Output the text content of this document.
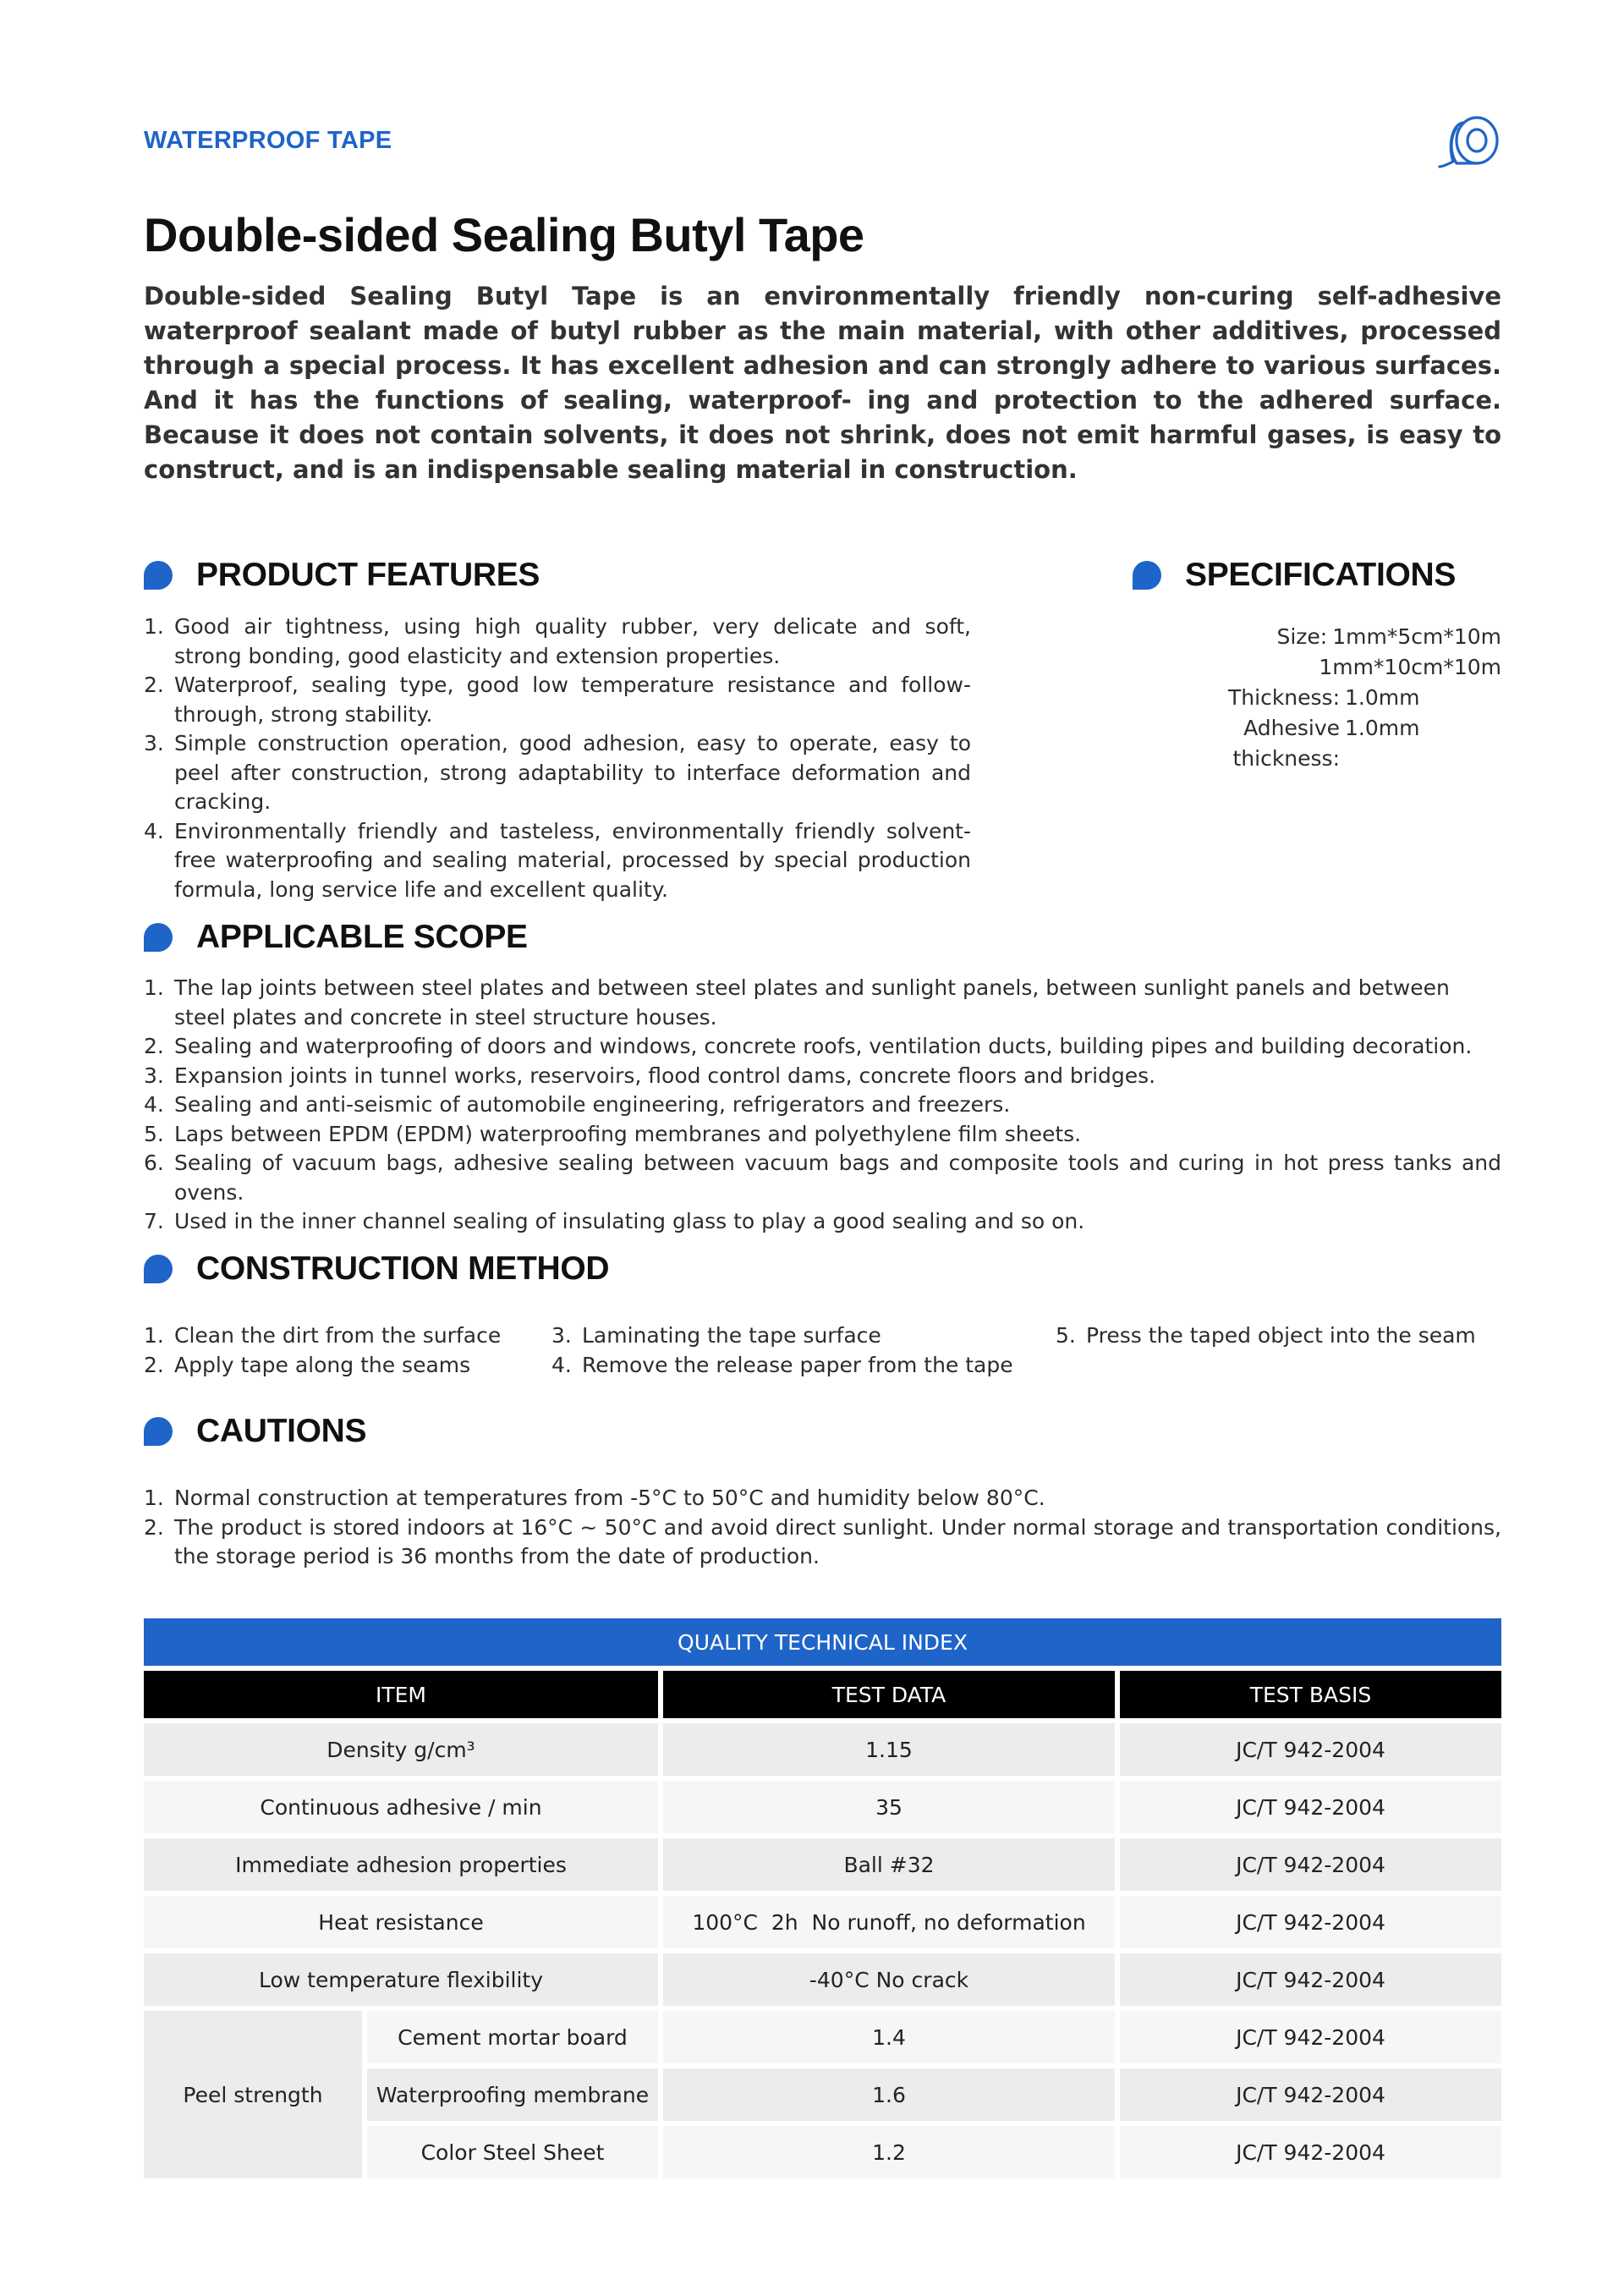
WATERPROOF TAPE
Double-sided Sealing Butyl Tape

Double-sided Sealing Butyl Tape is an environmentally friendly non-curing self-adhesive waterproof sealant made of butyl rubber as the main material, with other additives, processed through a special process. It has excellent adhesion and can strongly adhere to various surfaces. And it has the functions of sealing, waterproof- ing and protection to the adhered surface. Because it does not contain solvents, it does not shrink, does not emit harmful gases, is easy to construct, and is an indispensable sealing material in construction.

PRODUCT FEATURES
1. Good air tightness, using high quality rubber, very delicate and soft, strong bonding, good elasticity and extension properties.
2. Waterproof, sealing type, good low temperature resistance and follow-through, strong stability.
3. Simple construction operation, good adhesion, easy to operate, easy to peel after construction, strong adaptability to interface deformation and cracking.
4. Environmentally friendly and tasteless, environmentally friendly solvent-free waterproofing and sealing material, processed by special production formula, long service life and excellent quality.
SPECIFICATIONS
Size: 1mm*5cm*10m
1mm*10cm*10m
Thickness: 1.0mm
Adhesive thickness:
1.0mm
APPLICABLE SCOPE
1. The lap joints between steel plates and between steel plates and sunlight panels, between sunlight panels and between steel plates and concrete in steel structure houses.
2. Sealing and waterproofing of doors and windows, concrete roofs, ventilation ducts, building pipes and building decoration.
3. Expansion joints in tunnel works, reservoirs, flood control dams, concrete floors and bridges.
4. Sealing and anti-seismic of automobile engineering, refrigerators and freezers.
5. Laps between EPDM (EPDM) waterproofing membranes and polyethylene film sheets.
6. Sealing of vacuum bags, adhesive sealing between vacuum bags and composite tools and curing in hot press tanks and ovens.
7. Used in the inner channel sealing of insulating glass to play a good sealing and so on.
CONSTRUCTION METHOD
1. Clean the dirt from the surface
2. Apply tape along the seams
3. Laminating the tape surface
4. Remove the release paper from the tape
5. Press the taped object into the seam
CAUTIONS
1. Normal construction at temperatures from -5°C to 50°C and humidity below 80°C.
2. The product is stored indoors at 16°C ~ 50°C and avoid direct sunlight. Under normal storage and transportation conditions, the storage period is 36 months from the date of production.
QUALITY TECHNICAL INDEX			
ITEM		TEST DATA	TEST BASIS
Density g/cm³		1.15	JC/T 942-2004
Continuous adhesive / min		35	JC/T 942-2004
Immediate adhesion properties		Ball #32	JC/T 942-2004
Heat resistance		100°C  2h  No runoff, no deformation	JC/T 942-2004
Low temperature flexibility		-40°C No crack	JC/T 942-2004
Peel strength	Cement mortar board	1.4	JC/T 942-2004
	Waterproofing membrane	1.6	JC/T 942-2004
	Color Steel Sheet	1.2	JC/T 942-2004
